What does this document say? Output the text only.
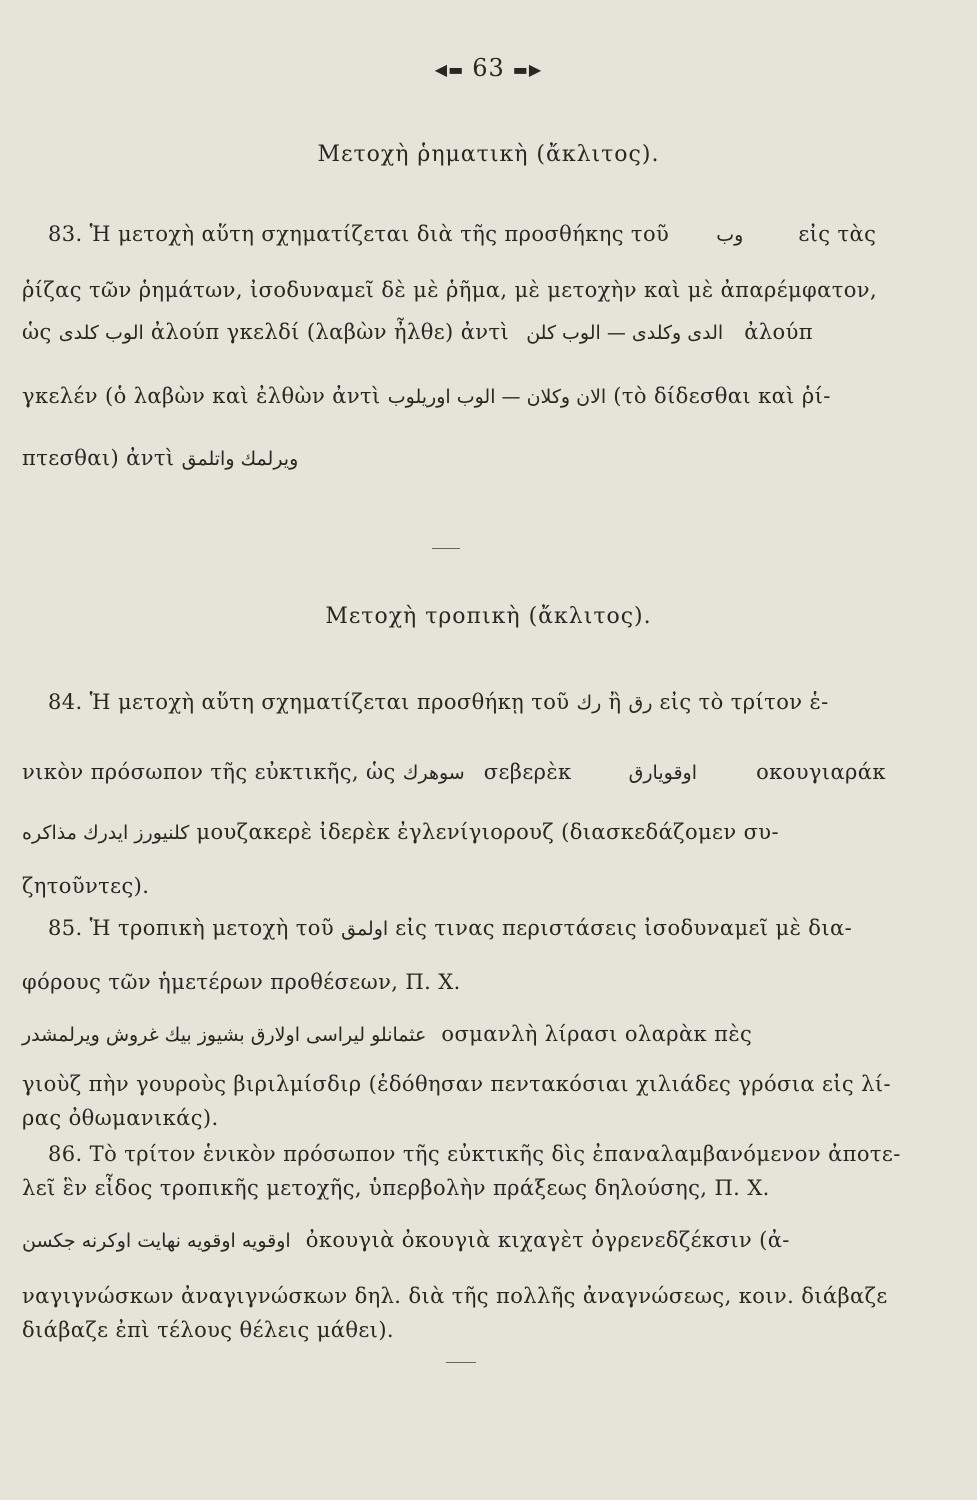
◀▬ 63 ▬▶
Μετοχὴ ῥηματικὴ (ἄκλιτος).
83. Ἡ μετοχὴ αὕτη σχηματίζεται διὰ τῆς προσθήκης τοῦ وب	εἰς τὰς
ῥίζας τῶν ῥημάτων, ἰσοδυναμεῖ δὲ μὲ ῥῆμα, μὲ μετοχὴν καὶ μὲ ἀπαρέμφατον,
ὡς الوب كلدى ἀλούπ γκελδί (λαβὼν ἦλθε) ἀντὶ الدى وكلدى — الوب كلن ἀλούπ
γκελέν (ὁ λαβὼν καὶ ἐλθὼν ἀντὶ الان وكلان — الوب اوريلوب (τὸ δίδεσθαι καὶ ῥί-
πτεσθαι) ἀντὶ ويرلمك واتلمق
Μετοχὴ τροπικὴ (ἄκλιτος).
84. Ἡ μετοχὴ αὕτη σχηματίζεται προσθήκῃ τοῦ رك ἢ رق εἰς τὸ τρίτον ἑ-
νικὸν πρόσωπον τῆς εὐκτικῆς, ὡς سوهرك σεβερὲκ	اوقويارق	οκουγιαράκ
كلنيورز ايدرك مذاكره μουζακερὲ ἰδερὲκ ἐγλενίγιορουζ (διασκεδάζομεν συ-
ζητοῦντες).
85. Ἡ τροπικὴ μετοχὴ τοῦ اولمق εἰς τινας περιστάσεις ἰσοδυναμεῖ μὲ δια-
φόρους τῶν ἡμετέρων προθέσεων, Π. Χ.
عثمانلو ليراسى اولارق بشيوز بيك غروش ويرلمشدر οσμανλὴ λίρασι ολαρὰκ πὲς
γιοὺζ πὴν γουροὺς βιριλμίσδιρ (ἐδόθησαν πεντακόσιαι χιλιάδες γρόσια εἰς λί-
ρας ὀθωμανικάς).
86. Τὸ τρίτον ἑνικὸν πρόσωπον τῆς εὐκτικῆς δὶς ἐπαναλαμβανόμενον ἀποτε-
λεῖ ἓν εἶδος τροπικῆς μετοχῆς, ὑπερβολὴν πράξεως δηλούσης, Π. Χ.
اوقويه اوقويه نهايت اوكرنه جكسن ὀκουγιὰ ὀκουγιὰ κιχαγὲτ ὀγρενεδζέκσιν (ἀ-
ναγιγνώσκων ἀναγιγνώσκων δηλ. διὰ τῆς πολλῆς ἀναγνώσεως, κοιν. διάβαζε
διάβαζε ἐπὶ τέλους θέλεις μάθει).
